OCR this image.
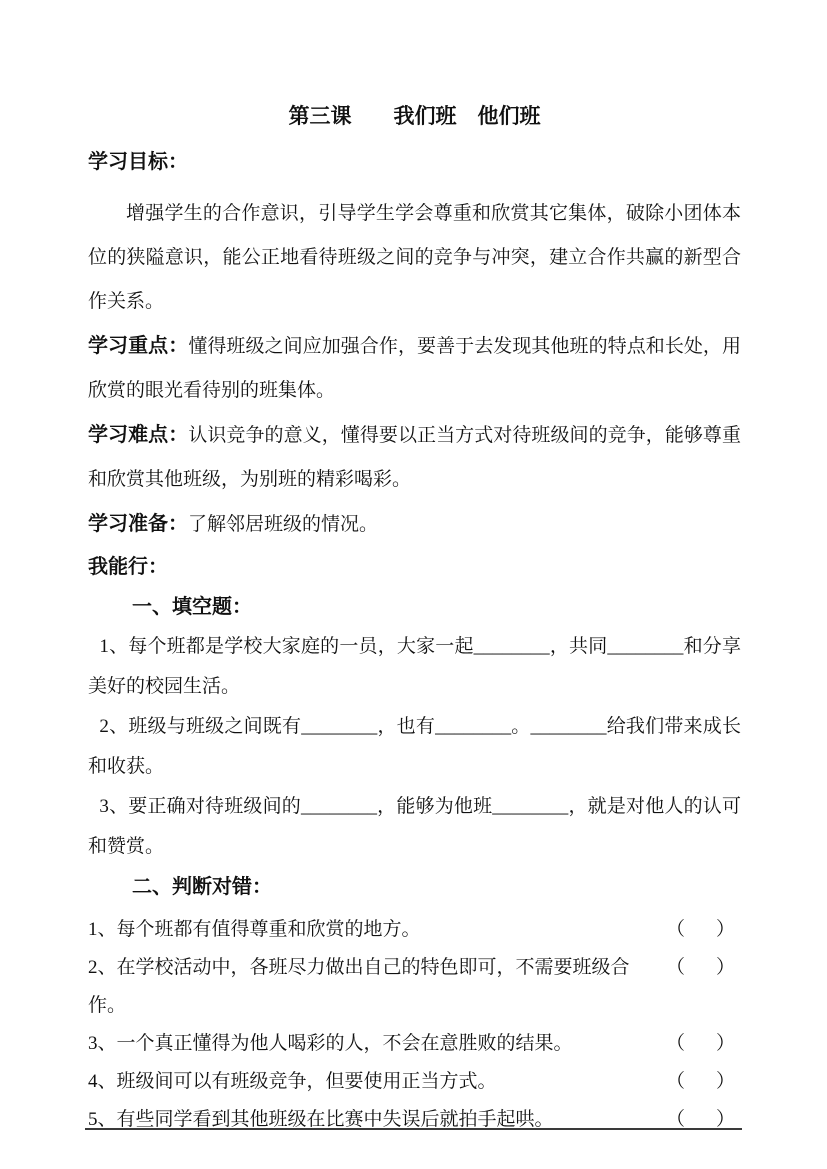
第三课　　我们班　他们班
学习目标：

增强学生的合作意识，引导学生学会尊重和欣赏其它集体，破除小团体本位的狭隘意识，能公正地看待班级之间的竞争与冲突，建立合作共赢的新型合作关系。

学习重点：懂得班级之间应加强合作，要善于去发现其他班的特点和长处，用欣赏的眼光看待别的班集体。

学习难点：认识竞争的意义，懂得要以正当方式对待班级间的竞争，能够尊重和欣赏其他班级，为别班的精彩喝彩。

学习准备：了解邻居班级的情况。

我能行：
一、填空题：

1、每个班都是学校大家庭的一员，大家一起________，共同________和分享美好的校园生活。

2、班级与班级之间既有________，也有________。________给我们带来成长和收获。

3、要正确对待班级间的________，能够为他班________，就是对他人的认可和赞赏。

二、判断对错：
1、每个班都有值得尊重和欣赏的地方。	（　）
2、在学校活动中，各班尽力做出自己的特色即可，不需要班级合作。
（　）
3、一个真正懂得为他人喝彩的人，不会在意胜败的结果。	（　）
4、班级间可以有班级竞争，但要使用正当方式。	（　）
5、有些同学看到其他班级在比赛中失误后就拍手起哄。	（　）
